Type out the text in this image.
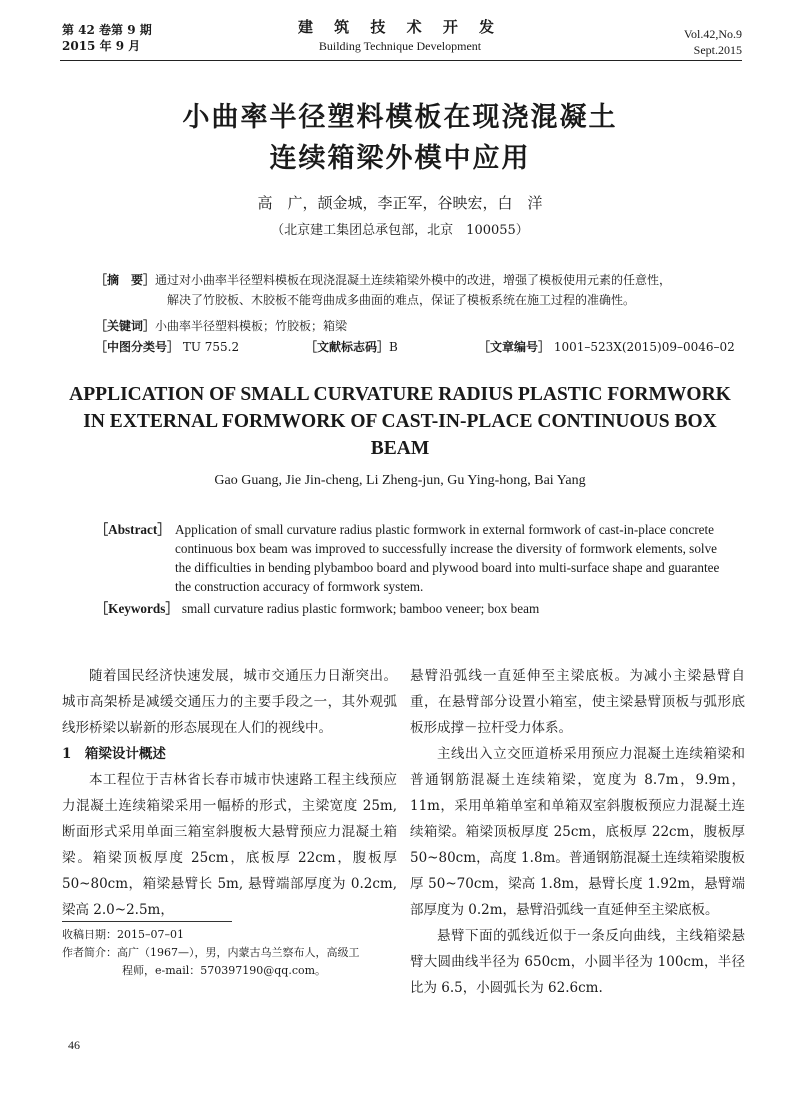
第 42 卷第 9 期
2015 年 9 月
建 筑 技 术 开 发
Building Technique Development
Vol.42,No.9
Sept.2015
小曲率半径塑料模板在现浇混凝土
连续箱梁外模中应用
高　广，颉金城，李正军，谷映宏，白　洋
（北京建工集团总承包部，北京　100055）
［摘　要］通过对小曲率半径塑料模板在现浇混凝土连续箱梁外模中的改进，增强了模板使用元素的任意性，
解决了竹胶板、木胶板不能弯曲成多曲面的难点，保证了模板系统在施工过程的准确性。
［关键词］小曲率半径塑料模板；竹胶板；箱梁
［中图分类号］ TU 755.2	［文献标志码］B	［文章编号］ 1001–523X(2015)09–0046–02
APPLICATION OF SMALL CURVATURE RADIUS PLASTIC FORMWORK
IN EXTERNAL FORMWORK OF CAST-IN-PLACE CONTINUOUS BOX
BEAM
Gao Guang, Jie Jin-cheng, Li Zheng-jun, Gu Ying-hong, Bai Yang
［Abstract］ Application of small curvature radius plastic formwork in external formwork of cast-in-place concrete
continuous box beam was improved to successfully increase the diversity of formwork elements, solve
the difficulties in bending plybamboo board and plywood board into multi-surface shape and guarantee
the construction accuracy of formwork system.
［Keywords］ small curvature radius plastic formwork; bamboo veneer; box beam

随着国民经济快速发展，城市交通压力日渐突出。城市高架桥是减缓交通压力的主要手段之一，其外观弧线形桥梁以崭新的形态展现在人们的视线中。

1　箱梁设计概述

本工程位于吉林省长春市城市快速路工程主线预应力混凝土连续箱梁采用一幅桥的形式，主梁宽度 25m, 断面形式采用单面三箱室斜腹板大悬臂预应力混凝土箱梁。箱梁顶板厚度 25cm，底板厚 22cm，腹板厚 50~80cm，箱梁悬臂长 5m, 悬臂端部厚度为 0.2cm, 梁高 2.0~2.5m，

收稿日期：2015–07–01
作者简介：高广（1967—），男，内蒙古乌兰察布人，高级工
程师，e-mail：570397190@qq.com。

悬臂沿弧线一直延伸至主梁底板。为减小主梁悬臂自重，在悬臂部分设置小箱室，使主梁悬臂顶板与弧形底板形成撑－拉杆受力体系。

主线出入立交匝道桥采用预应力混凝土连续箱梁和普通钢筋混凝土连续箱梁，宽度为 8.7m，9.9m，11m，采用单箱单室和单箱双室斜腹板预应力混凝土连续箱梁。箱梁顶板厚度 25cm，底板厚 22cm，腹板厚 50~80cm，高度 1.8m。普通钢筋混凝土连续箱梁腹板厚 50~70cm，梁高 1.8m，悬臂长度 1.92m，悬臂端部厚度为 0.2m，悬臂沿弧线一直延伸至主梁底板。

悬臂下面的弧线近似于一条反向曲线，主线箱梁悬臂大圆曲线半径为 650cm，小圆半径为 100cm，半径比为 6.5，小圆弧长为 62.6cm.

46
